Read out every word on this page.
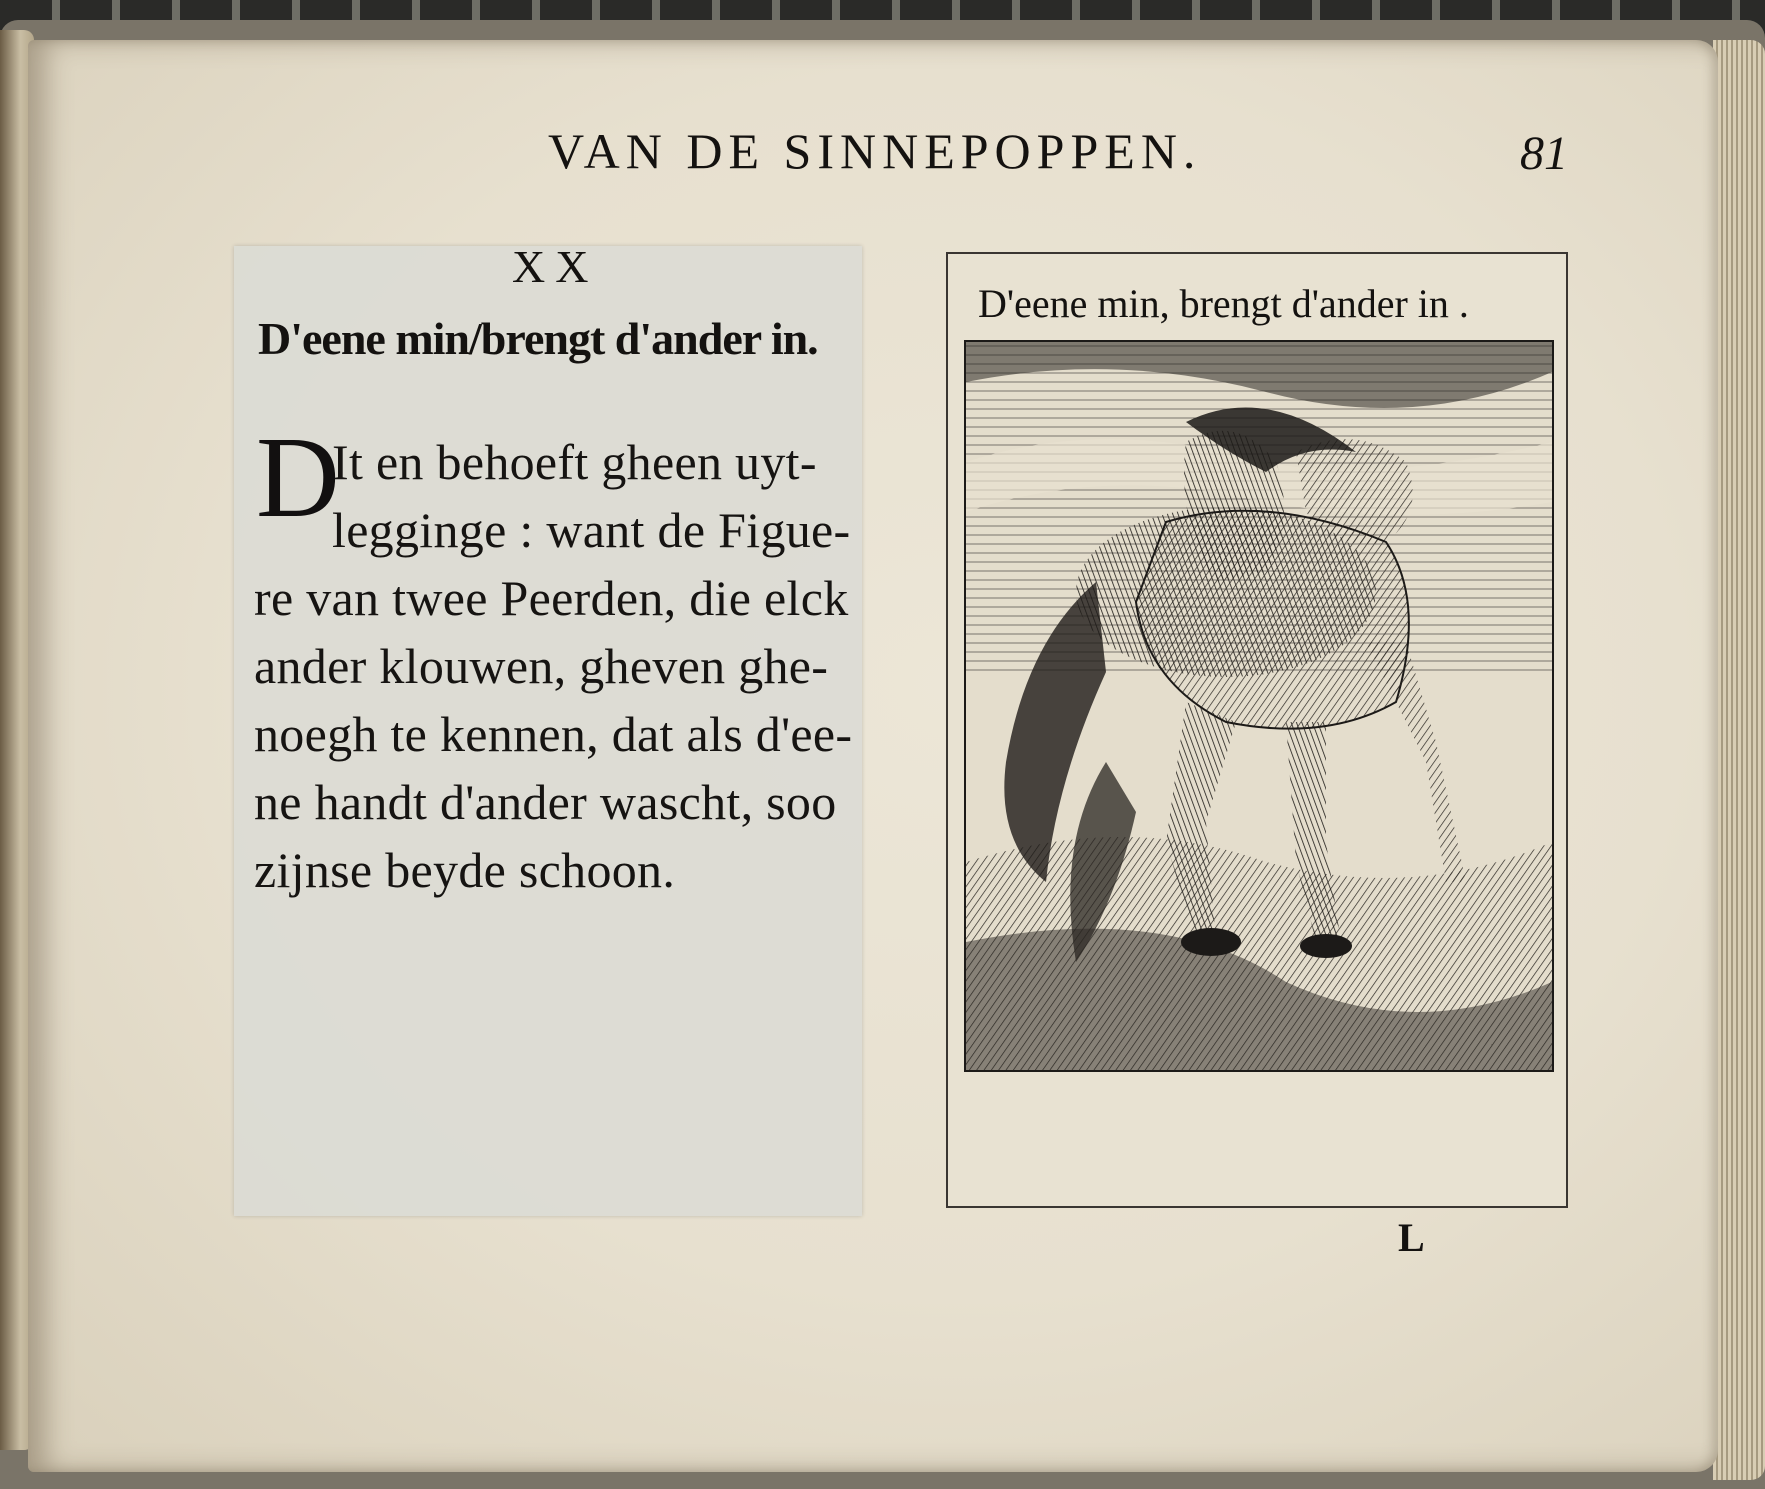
VAN DE SINNEPOPPEN.	81
XX
D'eene min/brengt d'ander in.
D
It en behoeft gheen uyt-
legginge : want de Figue-
re van twee Peerden, die elck
ander klouwen, gheven ghe-
noegh te kennen, dat als d'ee-
ne handt d'ander wascht, soo
zijnse beyde schoon.
D'eene min, brengt d'ander in .
L
